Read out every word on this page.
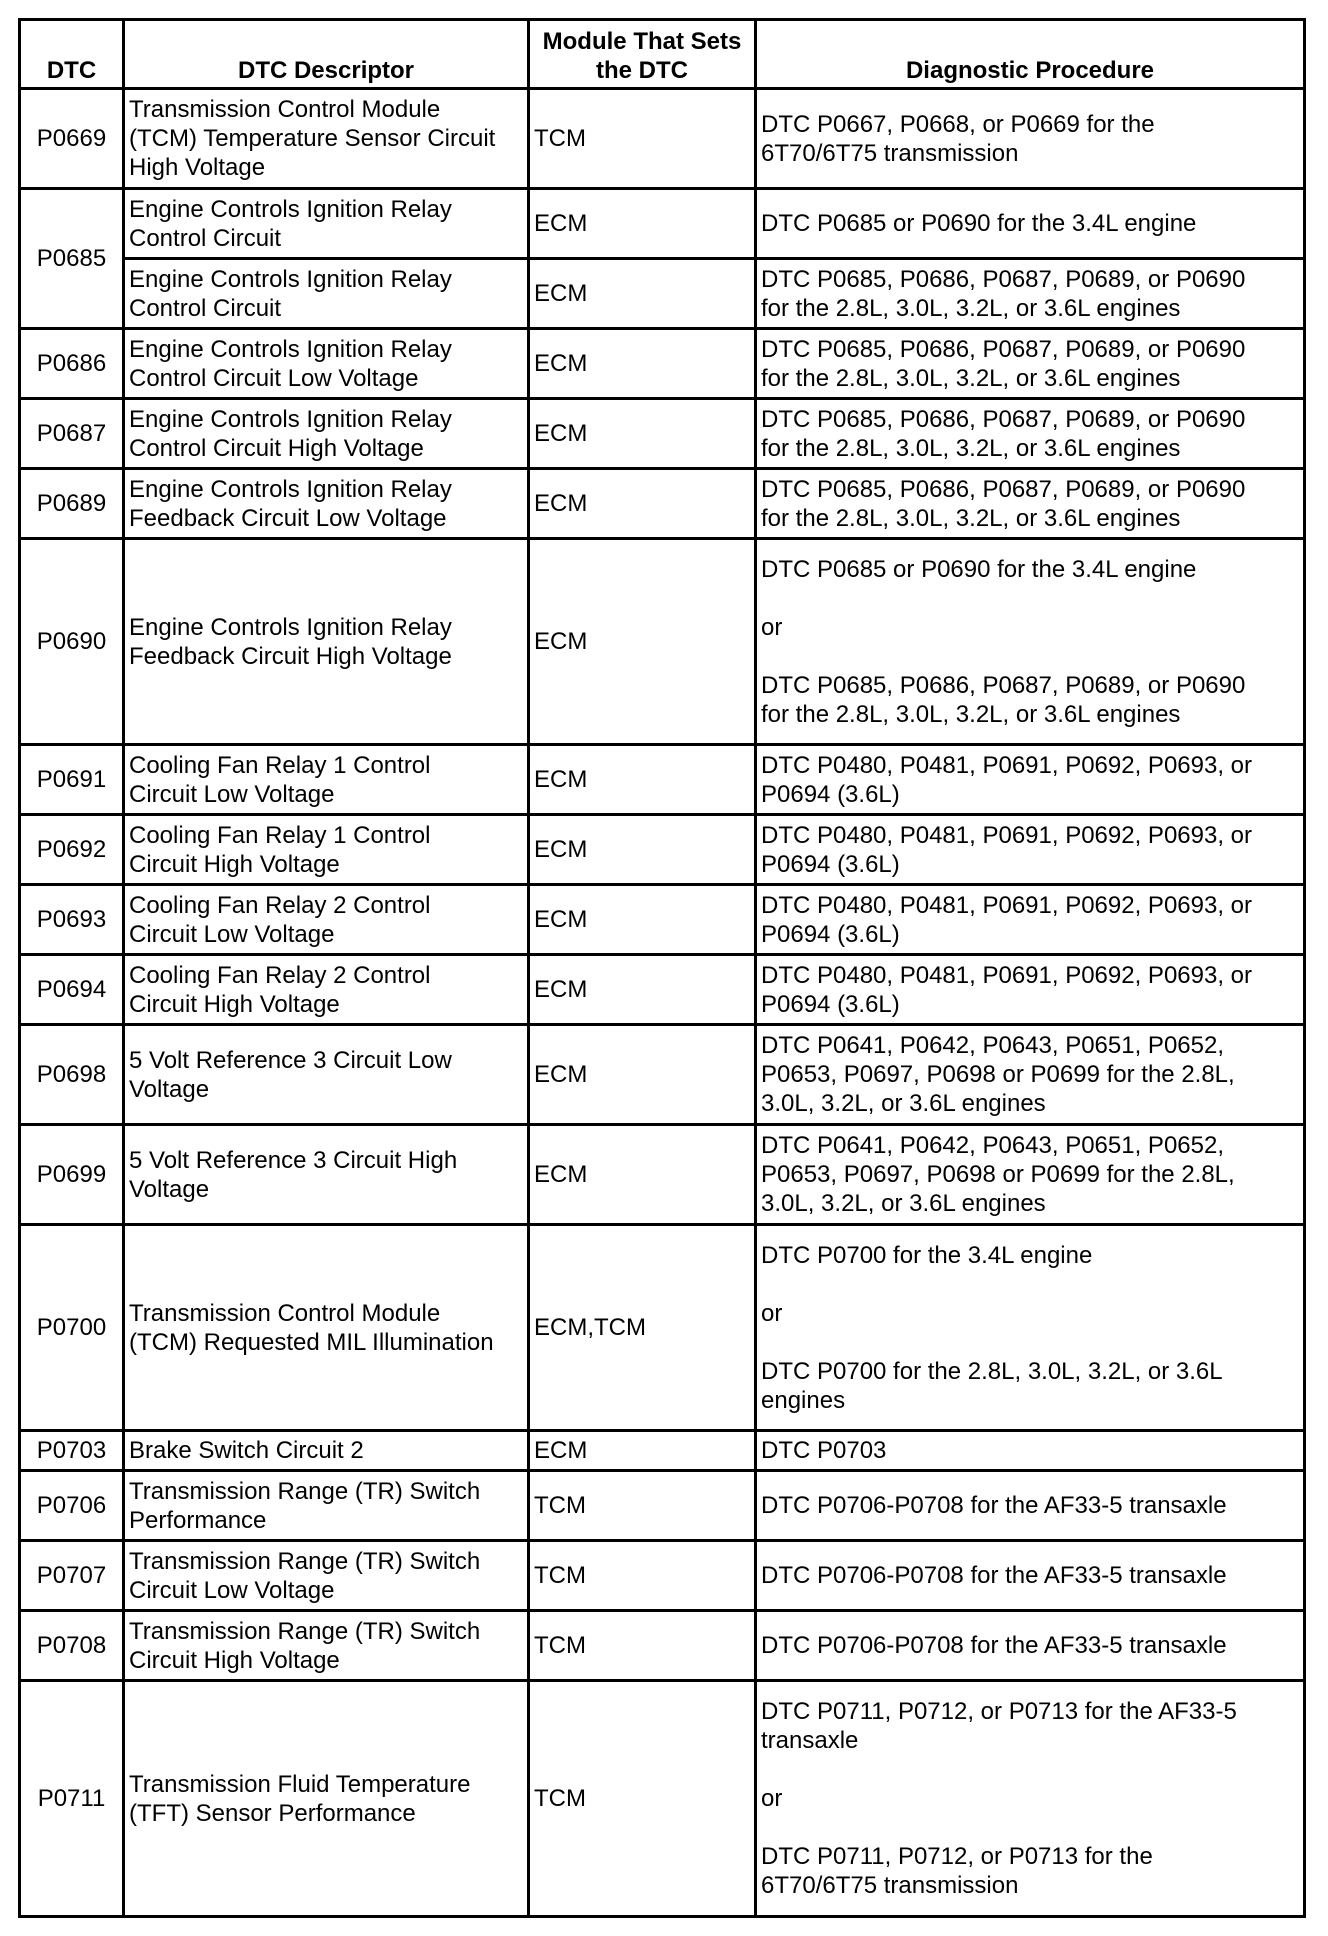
DTC	DTC Descriptor	Module That Sets
the DTC	Diagnostic Procedure

P0669	Transmission Control Module
(TCM) Temperature Sensor Circuit
High Voltage	TCM	DTC P0667, P0668, or P0669 for the
6T70/6T75 transmission

P0685	Engine Controls Ignition Relay
Control Circuit	ECM	DTC P0685 or P0690 for the 3.4L engine

	Engine Controls Ignition Relay
Control Circuit	ECM	DTC P0685, P0686, P0687, P0689, or P0690
for the 2.8L, 3.0L, 3.2L, or 3.6L engines

P0686	Engine Controls Ignition Relay
Control Circuit Low Voltage	ECM	DTC P0685, P0686, P0687, P0689, or P0690
for the 2.8L, 3.0L, 3.2L, or 3.6L engines

P0687	Engine Controls Ignition Relay
Control Circuit High Voltage	ECM	DTC P0685, P0686, P0687, P0689, or P0690
for the 2.8L, 3.0L, 3.2L, or 3.6L engines

P0689	Engine Controls Ignition Relay
Feedback Circuit Low Voltage	ECM	DTC P0685, P0686, P0687, P0689, or P0690
for the 2.8L, 3.0L, 3.2L, or 3.6L engines

P0690	Engine Controls Ignition Relay
Feedback Circuit High Voltage	ECM	DTC P0685 or P0690 for the 3.4L engine
or
DTC P0685, P0686, P0687, P0689, or P0690
for the 2.8L, 3.0L, 3.2L, or 3.6L engines

P0691	Cooling Fan Relay 1 Control
Circuit Low Voltage	ECM	DTC P0480, P0481, P0691, P0692, P0693, or
P0694 (3.6L)

P0692	Cooling Fan Relay 1 Control
Circuit High Voltage	ECM	DTC P0480, P0481, P0691, P0692, P0693, or
P0694 (3.6L)

P0693	Cooling Fan Relay 2 Control
Circuit Low Voltage	ECM	DTC P0480, P0481, P0691, P0692, P0693, or
P0694 (3.6L)

P0694	Cooling Fan Relay 2 Control
Circuit High Voltage	ECM	DTC P0480, P0481, P0691, P0692, P0693, or
P0694 (3.6L)

P0698	5 Volt Reference 3 Circuit Low
Voltage	ECM	DTC P0641, P0642, P0643, P0651, P0652,
P0653, P0697, P0698 or P0699 for the 2.8L,
3.0L, 3.2L, or 3.6L engines

P0699	5 Volt Reference 3 Circuit High
Voltage	ECM	DTC P0641, P0642, P0643, P0651, P0652,
P0653, P0697, P0698 or P0699 for the 2.8L,
3.0L, 3.2L, or 3.6L engines

P0700	Transmission Control Module
(TCM) Requested MIL Illumination	ECM,TCM	DTC P0700 for the 3.4L engine
or
DTC P0700 for the 2.8L, 3.0L, 3.2L, or 3.6L
engines

P0703	Brake Switch Circuit 2	ECM	DTC P0703

P0706	Transmission Range (TR) Switch
Performance	TCM	DTC P0706-P0708 for the AF33-5 transaxle

P0707	Transmission Range (TR) Switch
Circuit Low Voltage	TCM	DTC P0706-P0708 for the AF33-5 transaxle

P0708	Transmission Range (TR) Switch
Circuit High Voltage	TCM	DTC P0706-P0708 for the AF33-5 transaxle

P0711	Transmission Fluid Temperature
(TFT) Sensor Performance	TCM	DTC P0711, P0712, or P0713 for the AF33-5
transaxle
or
DTC P0711, P0712, or P0713 for the
6T70/6T75 transmission
